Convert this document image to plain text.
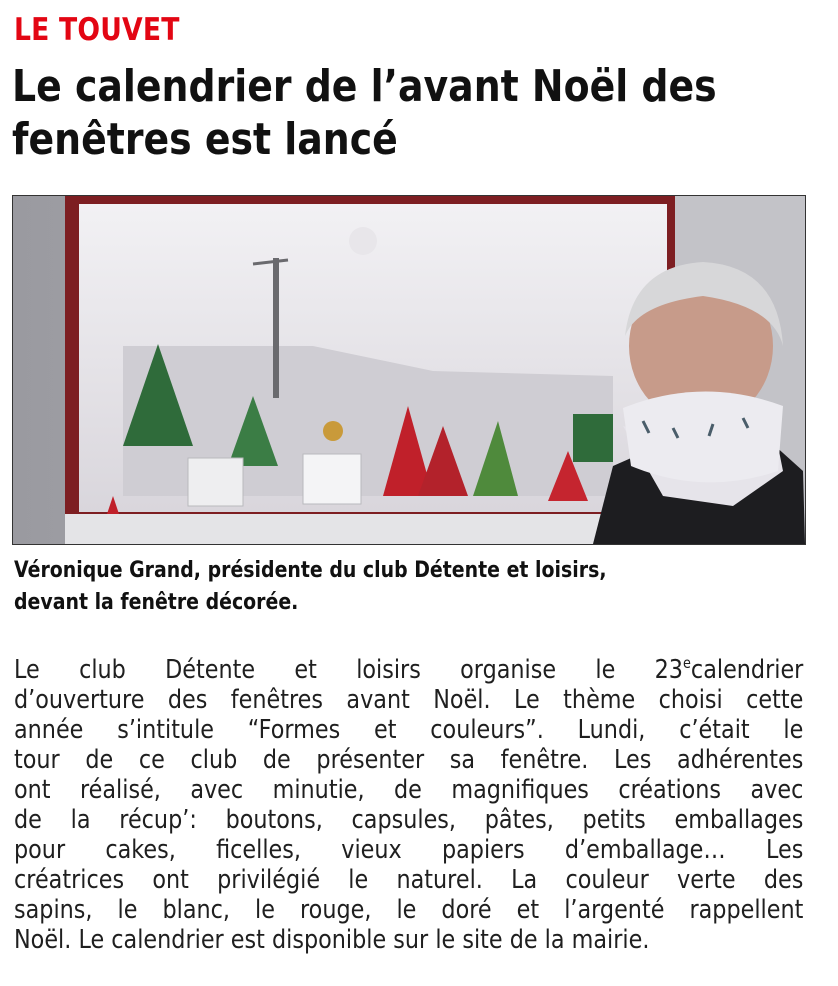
LE TOUVET
Le calendrier de l’avant Noël des
fenêtres est lancé
Véronique Grand, présidente du club Détente et loisirs,
devant la fenêtre décorée.
Le club Détente et loisirs organise le 23ecalendrier
d’ouverture des fenêtres avant Noël. Le thème choisi cette
année s’intitule “Formes et couleurs”. Lundi, c’était le
tour de ce club de présenter sa fenêtre. Les adhérentes
ont réalisé, avec minutie, de magnifiques créations avec
de la récup’: boutons, capsules, pâtes, petits emballages
pour cakes, ficelles, vieux papiers d’emballage… Les
créatrices ont privilégié le naturel. La couleur verte des
sapins, le blanc, le rouge, le doré et l’argenté rappellent
Noël. Le calendrier est disponible sur le site de la mairie.
